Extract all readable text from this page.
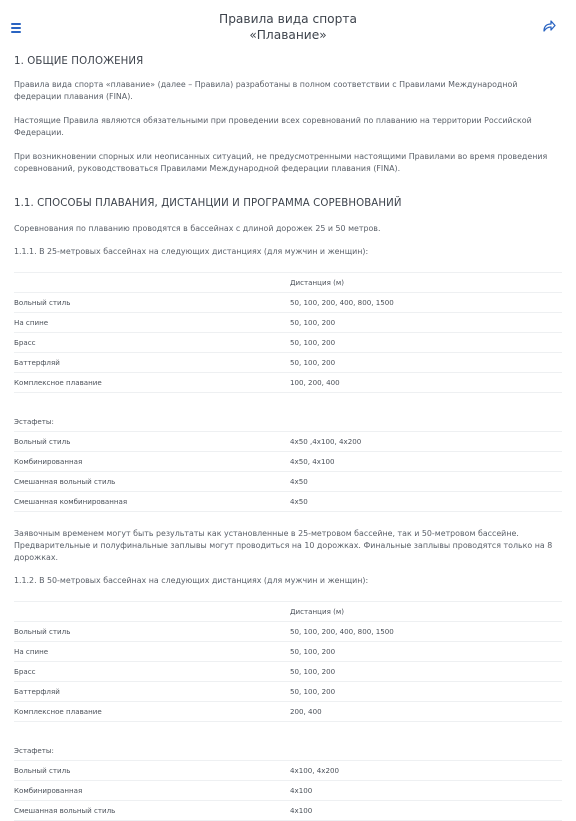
Правила вида спорта
«Плавание»
1. ОБЩИЕ ПОЛОЖЕНИЯ

Правила вида спорта «плавание» (далее – Правила) разработаны в полном соответствии с Правилами Международной федерации плавания (FINA).

Настоящие Правила являются обязательными при проведении всех соревнований по плаванию на территории Российской Федерации.

При возникновении спорных или неописанных ситуаций, не предусмотренными настоящими Правилами во время проведения соревнований, руководствоваться Правилами Международной федерации плавания (FINA).

1.1. СПОСОБЫ ПЛАВАНИЯ, ДИСТАНЦИИ И ПРОГРАММА СОРЕВНОВАНИЙ

Соревнования по плаванию проводятся в бассейнах с длиной дорожек 25 и 50 метров.

1.1.1. В 25-метровых бассейнах на следующих дистанциях (для мужчин и женщин):

	Дистанция (м)
Вольный стиль	50, 100, 200, 400, 800, 1500
На спине	50, 100, 200
Брасс	50, 100, 200
Баттерфляй	50, 100, 200
Комплексное плавание	100, 200, 400

Эстафеты:	
Вольный стиль	4x50 ,4x100, 4x200
Комбинированная	4x50, 4x100
Смешанная вольный стиль	4x50
Смешанная комбинированная	4x50

Заявочным временем могут быть результаты как установленные в 25-метровом бассейне, так и 50-метровом бассейне. Предварительные и полуфинальные заплывы могут проводиться на 10 дорожках. Финальные заплывы проводятся только на 8 дорожках.

1.1.2. В 50-метровых бассейнах на следующих дистанциях (для мужчин и женщин):

	Дистанция (м)
Вольный стиль	50, 100, 200, 400, 800, 1500
На спине	50, 100, 200
Брасс	50, 100, 200
Баттерфляй	50, 100, 200
Комплексное плавание	200, 400

Эстафеты:	
Вольный стиль	4x100, 4x200
Комбинированная	4x100
Смешанная вольный стиль	4x100
